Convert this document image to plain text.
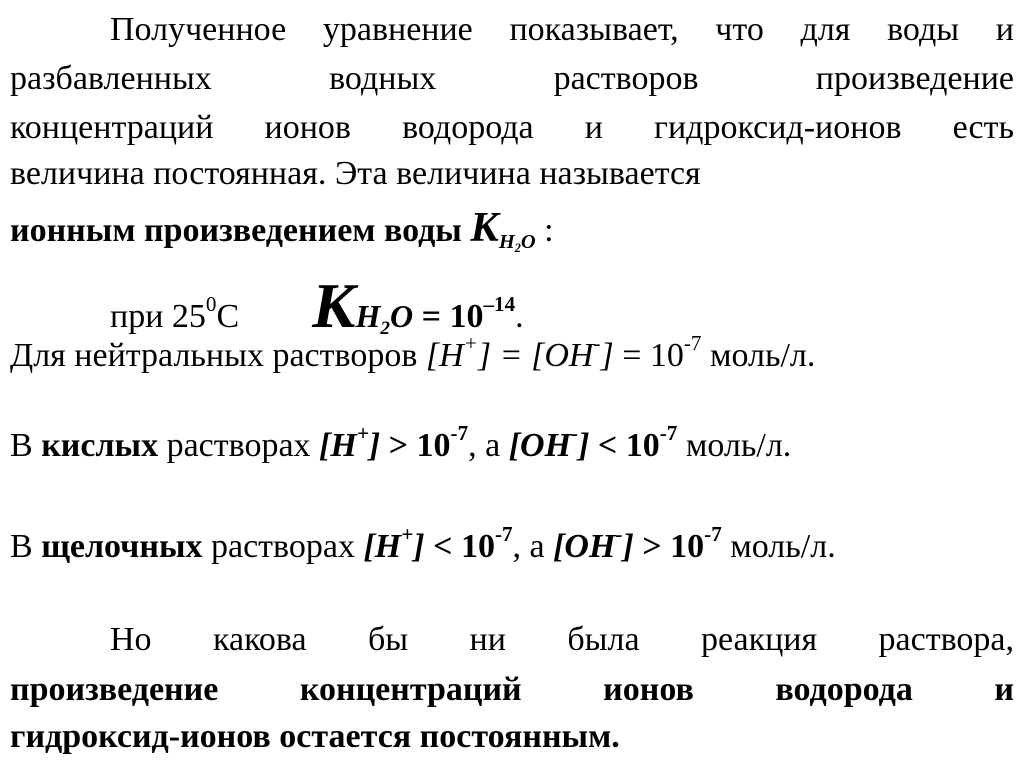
Полученное уравнение показывает, что для воды и
разбавленных водных растворов произведение
концентраций ионов водорода и гидроксид-ионов есть
величина постоянная. Эта величина называется
ионным произведением воды $К_{H_2O}$ :
при $25^0С$ $КH_2O = 10^{-14}$.
Для нейтральных растворов $[H^+] = [OH^-] = 10^{-7}$ моль/л.
В кислых растворах $[H^+] > 10^{-7}$, а $[OH^-] < 10^{-7}$ моль/л.
В щелочных растворах $[H^+] < 10^{-7}$, а $[OH^-] > 10^{-7}$ моль/л.
Но какова бы ни была реакция раствора,
произведение концентраций ионов водорода и
гидроксид-ионов остается постоянным.
